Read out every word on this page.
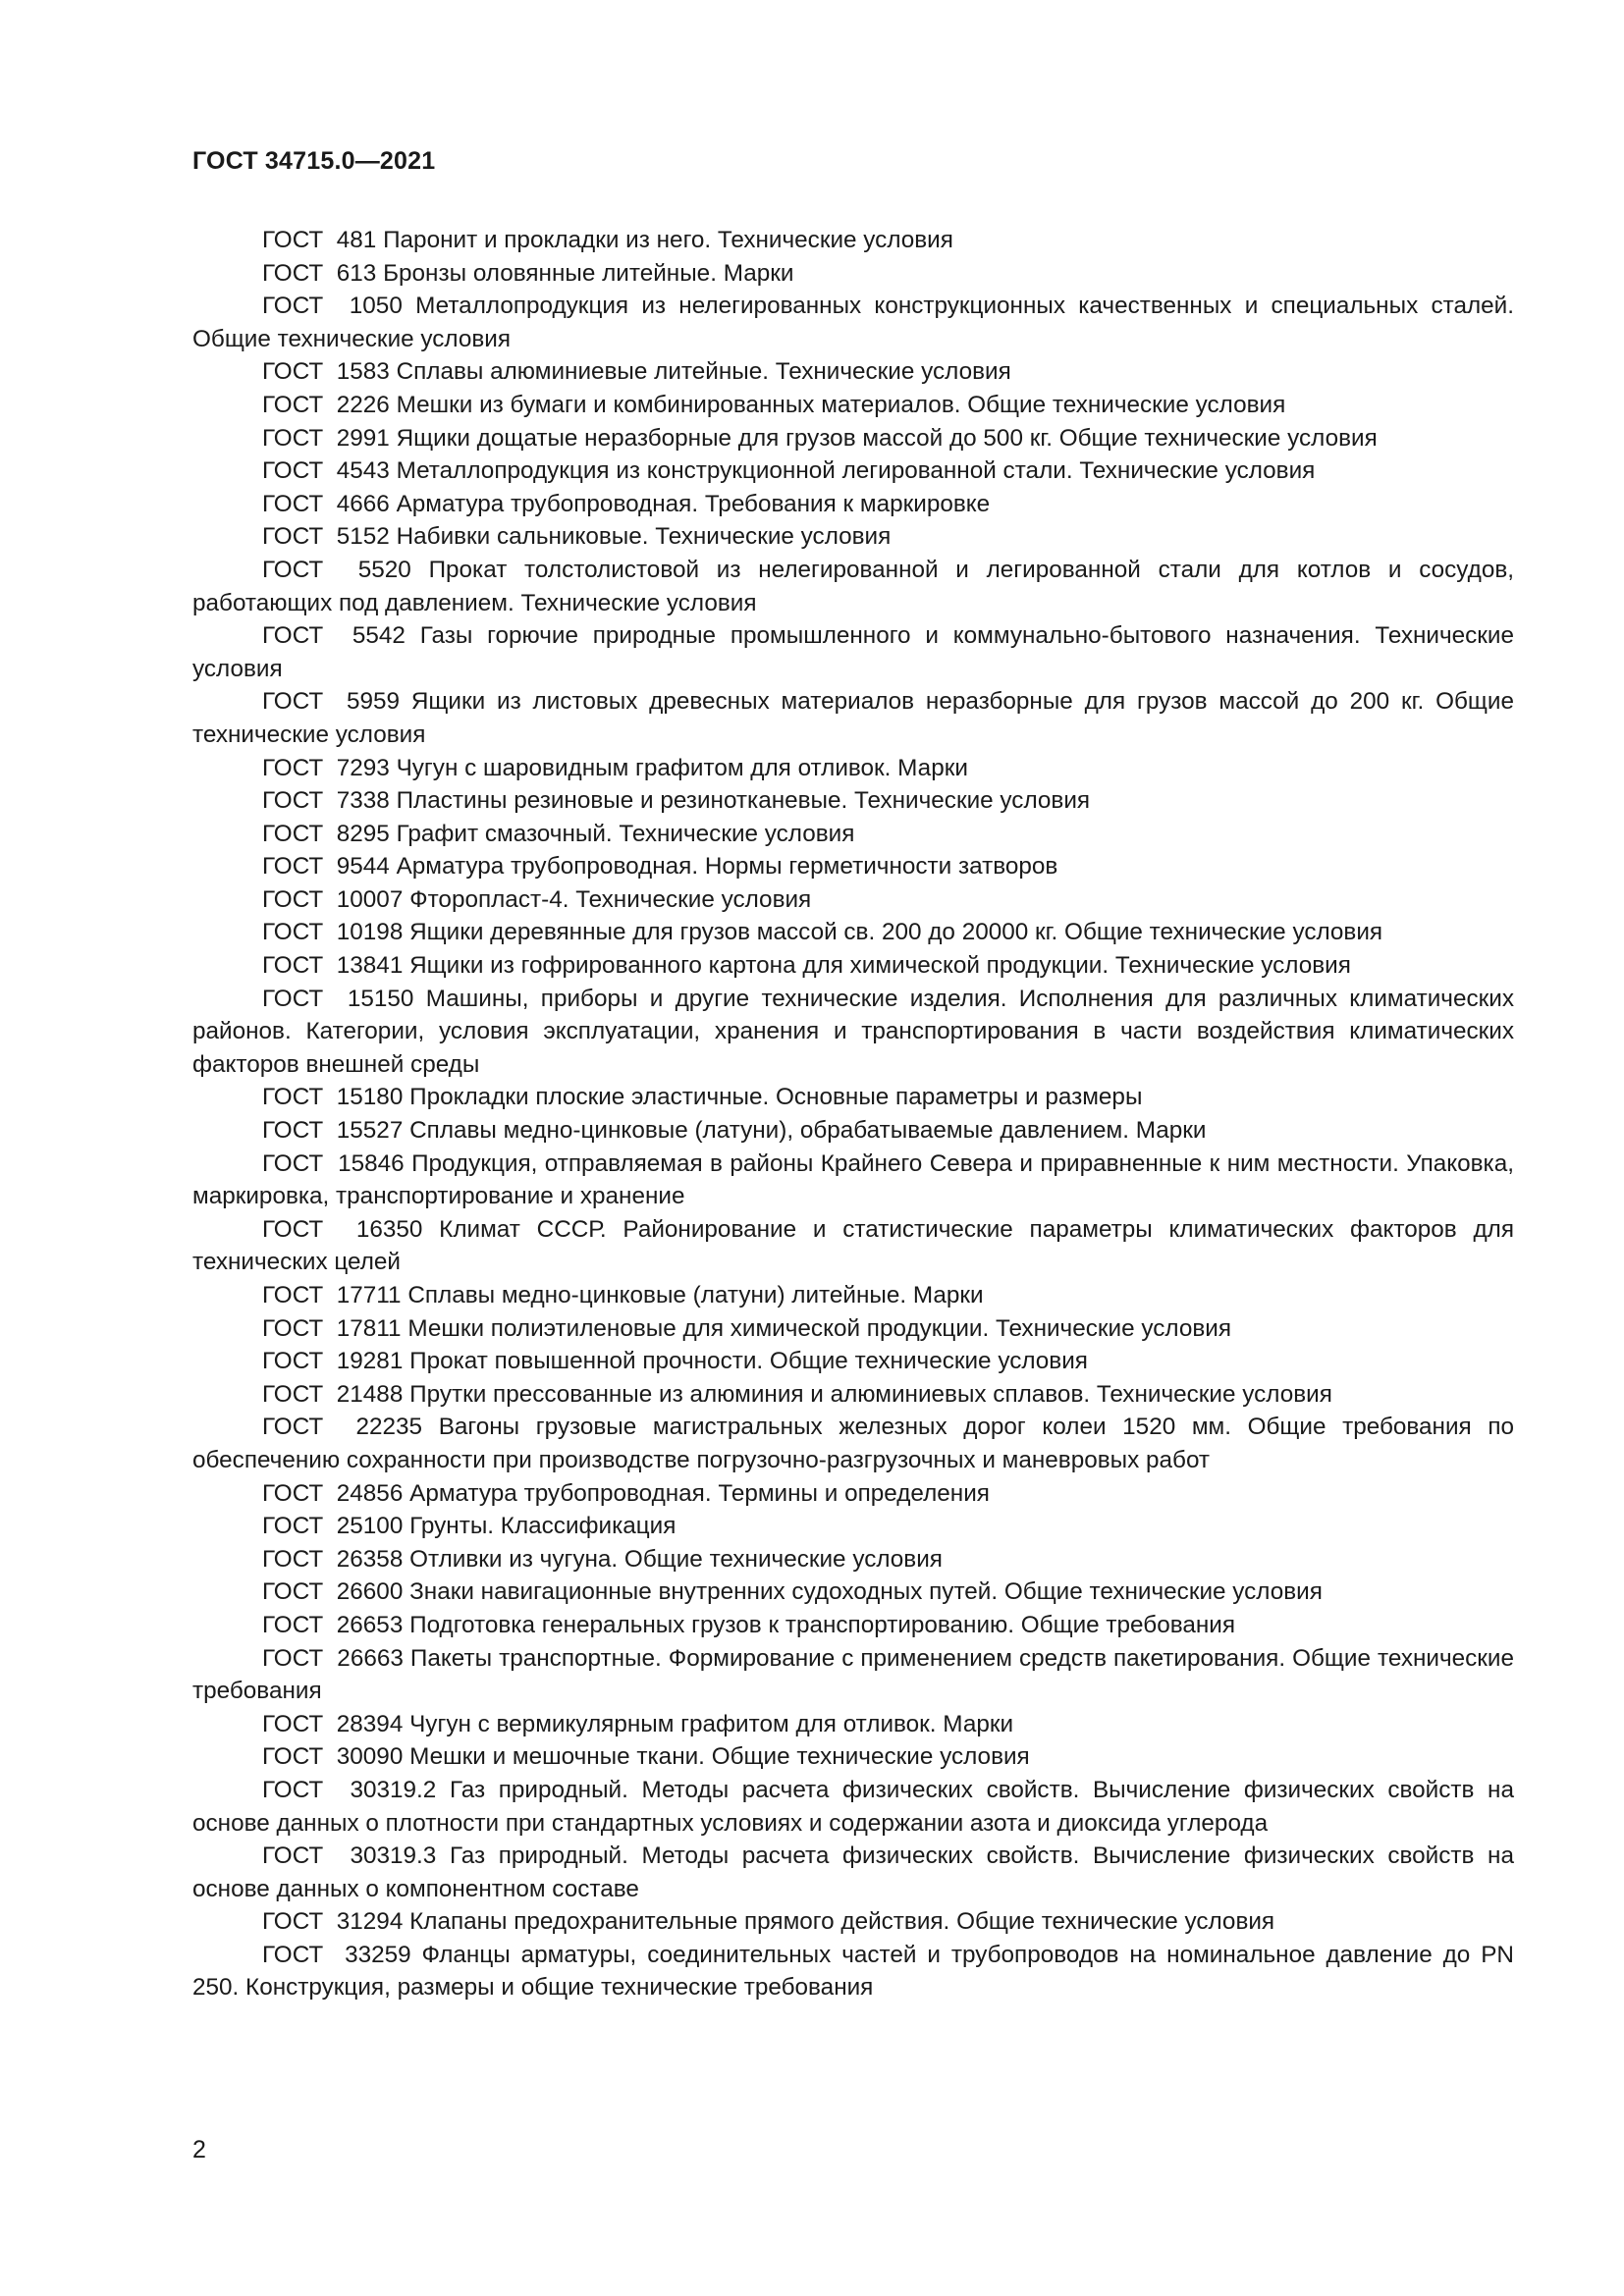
ГОСТ 34715.0—2021

ГОСТ  481 Паронит и прокладки из него. Технические условия

ГОСТ  613 Бронзы оловянные литейные. Марки

ГОСТ  1050 Металлопродукция из нелегированных конструкционных качественных и специальных сталей. Общие технические условия

ГОСТ  1583 Сплавы алюминиевые литейные. Технические условия

ГОСТ  2226 Мешки из бумаги и комбинированных материалов. Общие технические условия

ГОСТ  2991 Ящики дощатые неразборные для грузов массой до 500 кг. Общие технические условия

ГОСТ  4543 Металлопродукция из конструкционной легированной стали. Технические условия

ГОСТ  4666 Арматура трубопроводная. Требования к маркировке

ГОСТ  5152 Набивки сальниковые. Технические условия

ГОСТ  5520 Прокат толстолистовой из нелегированной и легированной стали для котлов и сосудов, работающих под давлением. Технические условия

ГОСТ  5542 Газы горючие природные промышленного и коммунально-бытового назначения. Технические условия

ГОСТ  5959 Ящики из листовых древесных материалов неразборные для грузов массой до 200 кг. Общие технические условия

ГОСТ  7293 Чугун с шаровидным графитом для отливок. Марки

ГОСТ  7338 Пластины резиновые и резинотканевые. Технические условия

ГОСТ  8295 Графит смазочный. Технические условия

ГОСТ  9544 Арматура трубопроводная. Нормы герметичности затворов

ГОСТ  10007 Фторопласт-4. Технические условия

ГОСТ  10198 Ящики деревянные для грузов массой св. 200 до 20000 кг. Общие технические условия

ГОСТ  13841 Ящики из гофрированного картона для химической продукции. Технические условия

ГОСТ  15150 Машины, приборы и другие технические изделия. Исполнения для различных климатических районов. Категории, условия эксплуатации, хранения и транспортирования в части воздействия климатических факторов внешней среды

ГОСТ  15180 Прокладки плоские эластичные. Основные параметры и размеры

ГОСТ  15527 Сплавы медно-цинковые (латуни), обрабатываемые давлением. Марки

ГОСТ  15846 Продукция, отправляемая в районы Крайнего Севера и приравненные к ним местности. Упаковка, маркировка, транспортирование и хранение

ГОСТ  16350 Климат СССР. Районирование и статистические параметры климатических факторов для технических целей

ГОСТ  17711 Сплавы медно-цинковые (латуни) литейные. Марки

ГОСТ  17811 Мешки полиэтиленовые для химической продукции. Технические условия

ГОСТ  19281 Прокат повышенной прочности. Общие технические условия

ГОСТ  21488 Прутки прессованные из алюминия и алюминиевых сплавов. Технические условия

ГОСТ  22235 Вагоны грузовые магистральных железных дорог колеи 1520 мм. Общие требования по обеспечению сохранности при производстве погрузочно-разгрузочных и маневровых работ

ГОСТ  24856 Арматура трубопроводная. Термины и определения

ГОСТ  25100 Грунты. Классификация

ГОСТ  26358 Отливки из чугуна. Общие технические условия

ГОСТ  26600 Знаки навигационные внутренних судоходных путей. Общие технические условия

ГОСТ  26653 Подготовка генеральных грузов к транспортированию. Общие требования

ГОСТ  26663 Пакеты транспортные. Формирование с применением средств пакетирования. Общие технические требования

ГОСТ  28394 Чугун с вермикулярным графитом для отливок. Марки

ГОСТ  30090 Мешки и мешочные ткани. Общие технические условия

ГОСТ  30319.2 Газ природный. Методы расчета физических свойств. Вычисление физических свойств на основе данных о плотности при стандартных условиях и содержании азота и диоксида углерода

ГОСТ  30319.3 Газ природный. Методы расчета физических свойств. Вычисление физических свойств на основе данных о компонентном составе

ГОСТ  31294 Клапаны предохранительные прямого действия. Общие технические условия

ГОСТ  33259 Фланцы арматуры, соединительных частей и трубопроводов на номинальное давление до PN 250. Конструкция, размеры и общие технические требования

2
